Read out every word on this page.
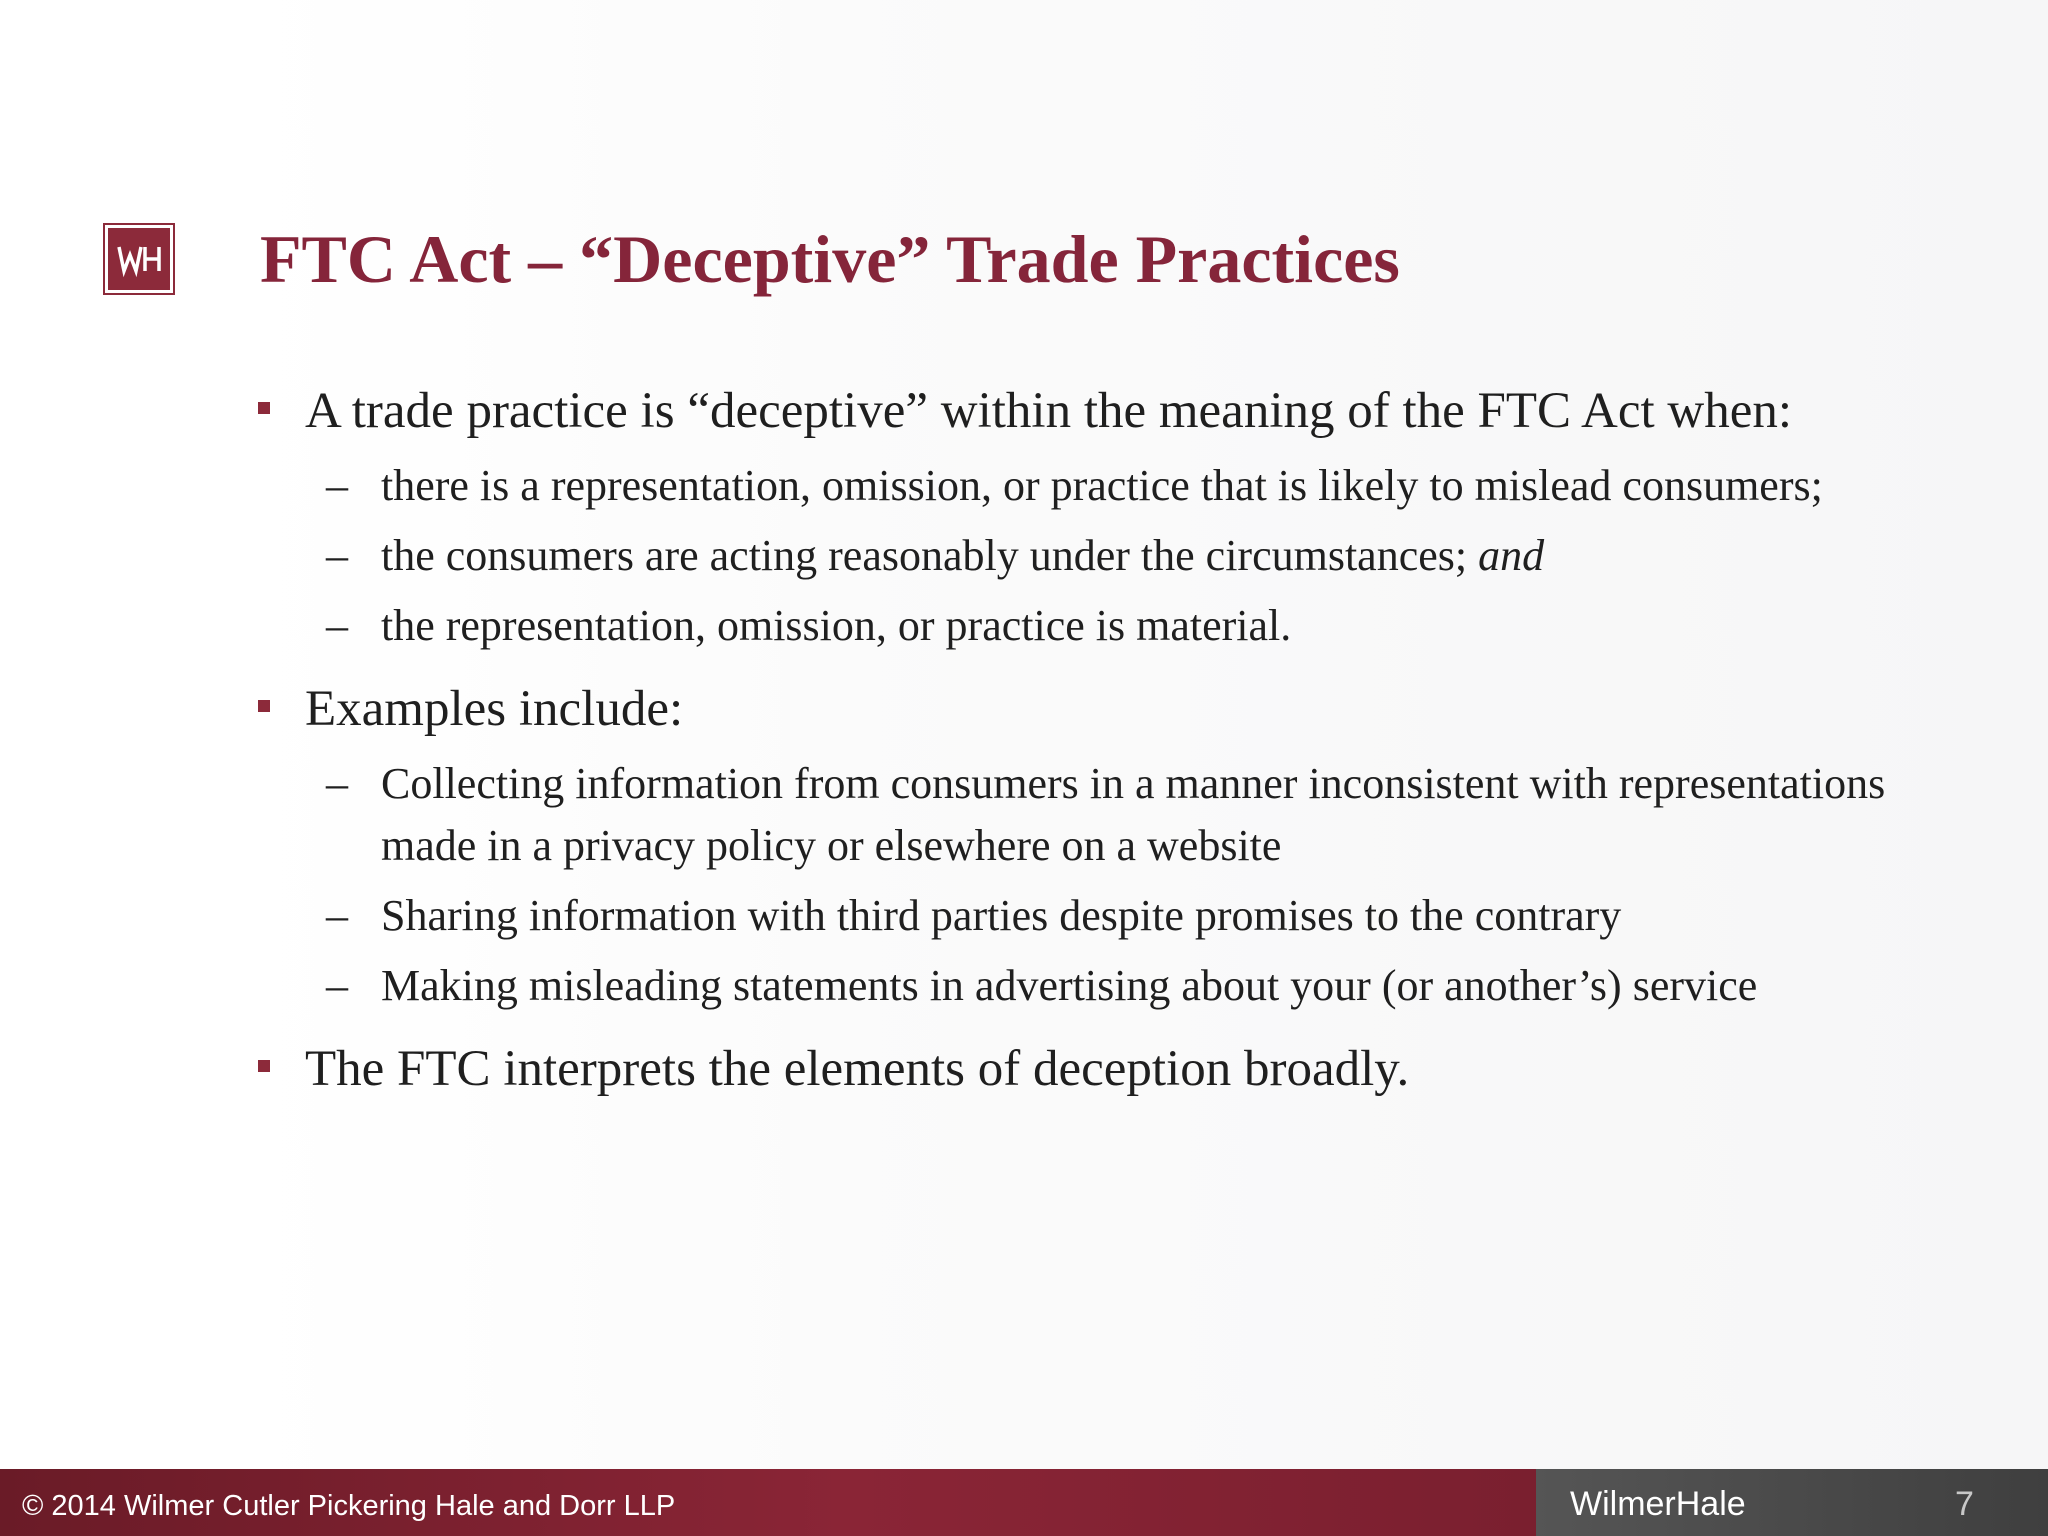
FTC Act – “Deceptive” Trade Practices
A trade practice is “deceptive” within the meaning of the FTC Act when:
– there is a representation, omission, or practice that is likely to mislead consumers;
– the consumers are acting reasonably under the circumstances; and
– the representation, omission, or practice is material.
Examples include:
– Collecting information from consumers in a manner inconsistent with representations made in a privacy policy or elsewhere on a website
– Sharing information with third parties despite promises to the contrary
– Making misleading statements in advertising about your (or another’s) service
The FTC interprets the elements of deception broadly.
© 2014 Wilmer Cutler Pickering Hale and Dorr LLP	WilmerHale	7
